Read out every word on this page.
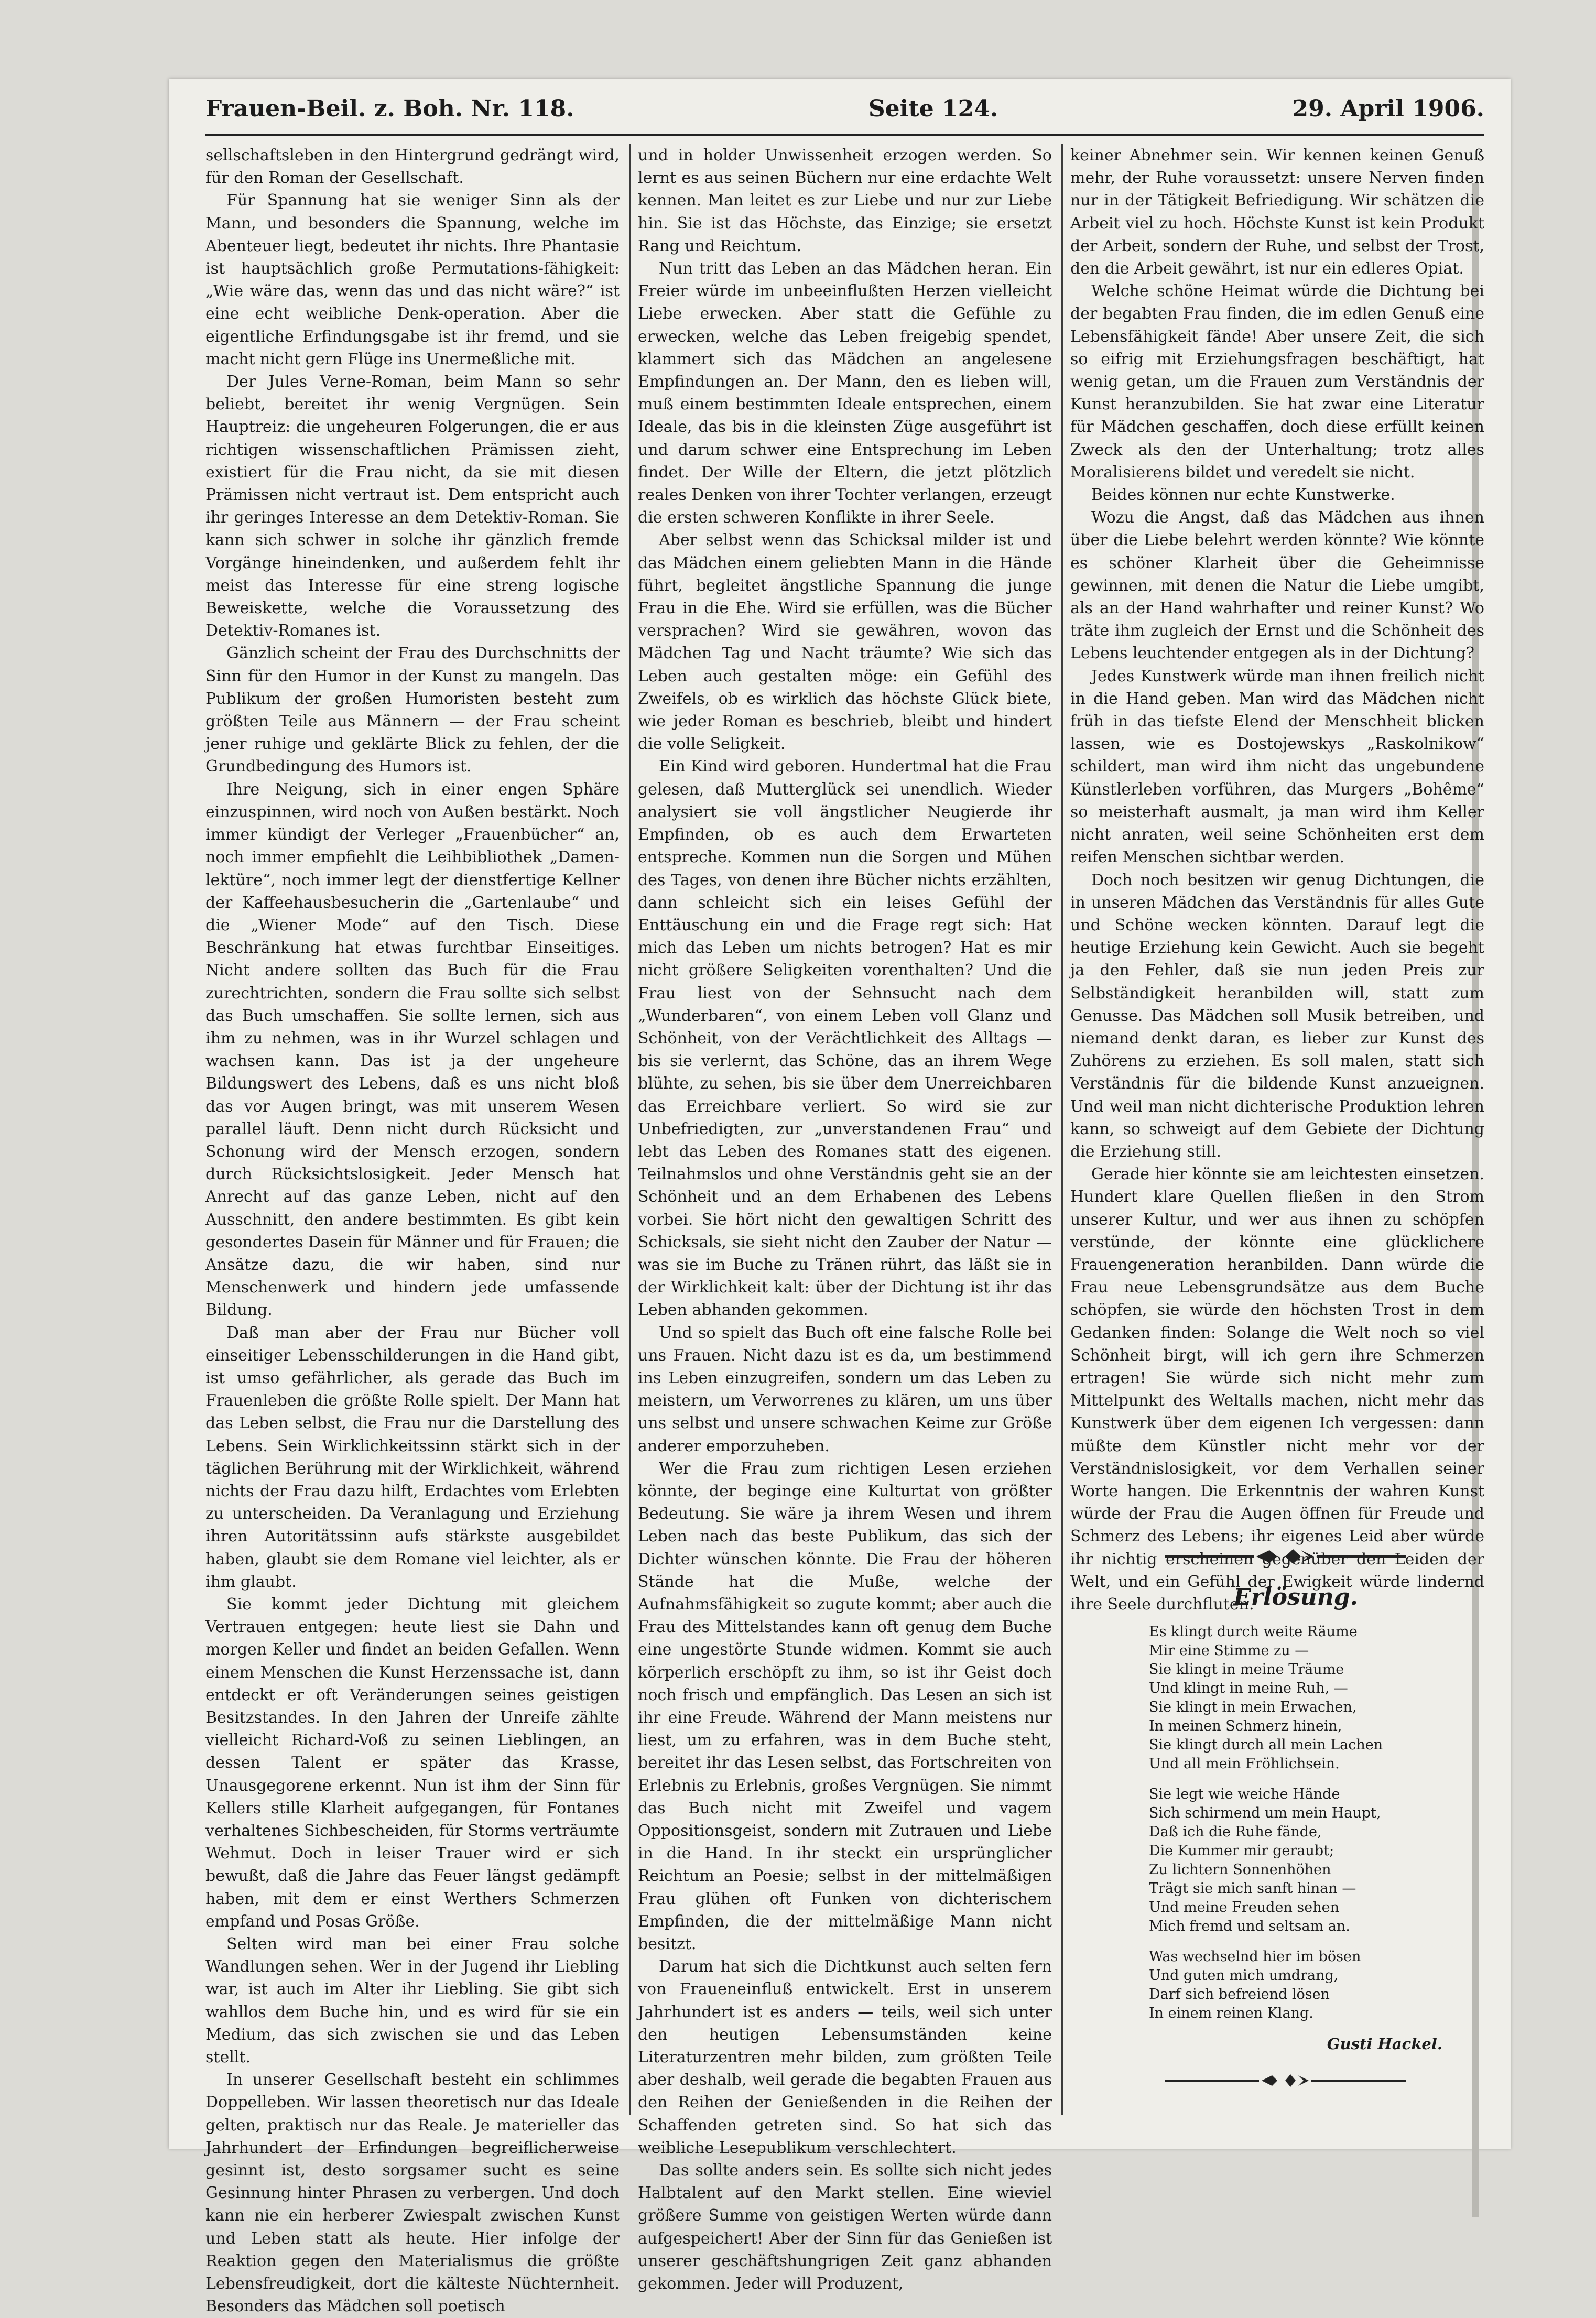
Frauen-Beil. z. Boh. Nr. 118.	Seite 124.	29. April 1906.

sellschaftsleben in den Hintergrund gedrängt wird, für den Roman der Gesellschaft.

Für Spannung hat sie weniger Sinn als der Mann, und besonders die Spannung, welche im Abenteuer liegt, bedeutet ihr nichts. Ihre Phantasie ist hauptsächlich große Permutations-fähigkeit: „Wie wäre das, wenn das und das nicht wäre?“ ist eine echt weibliche Denk-operation. Aber die eigentliche Erfindungsgabe ist ihr fremd, und sie macht nicht gern Flüge ins Unermeßliche mit.

Der Jules Verne-Roman, beim Mann so sehr beliebt, bereitet ihr wenig Vergnügen. Sein Hauptreiz: die ungeheuren Folgerungen, die er aus richtigen wissenschaftlichen Prämissen zieht, existiert für die Frau nicht, da sie mit diesen Prämissen nicht vertraut ist. Dem entspricht auch ihr geringes Interesse an dem Detektiv-Roman. Sie kann sich schwer in solche ihr gänzlich fremde Vorgänge hineindenken, und außerdem fehlt ihr meist das Interesse für eine streng logische Beweiskette, welche die Voraussetzung des Detektiv-Romanes ist.

Gänzlich scheint der Frau des Durchschnitts der Sinn für den Humor in der Kunst zu mangeln. Das Publikum der großen Humoristen besteht zum größten Teile aus Männern — der Frau scheint jener ruhige und geklärte Blick zu fehlen, der die Grundbedingung des Humors ist.

Ihre Neigung, sich in einer engen Sphäre einzuspinnen, wird noch von Außen bestärkt. Noch immer kündigt der Verleger „Frauenbücher“ an, noch immer empfiehlt die Leihbibliothek „Damen-lektüre“, noch immer legt der dienstfertige Kellner der Kaffeehausbesucherin die „Gartenlaube“ und die „Wiener Mode“ auf den Tisch. Diese Beschränkung hat etwas furchtbar Einseitiges. Nicht andere sollten das Buch für die Frau zurechtrichten, sondern die Frau sollte sich selbst das Buch umschaffen. Sie sollte lernen, sich aus ihm zu nehmen, was in ihr Wurzel schlagen und wachsen kann. Das ist ja der ungeheure Bildungswert des Lebens, daß es uns nicht bloß das vor Augen bringt, was mit unserem Wesen parallel läuft. Denn nicht durch Rücksicht und Schonung wird der Mensch erzogen, sondern durch Rücksichtslosigkeit. Jeder Mensch hat Anrecht auf das ganze Leben, nicht auf den Ausschnitt, den andere bestimmten. Es gibt kein gesondertes Dasein für Männer und für Frauen; die Ansätze dazu, die wir haben, sind nur Menschenwerk und hindern jede umfassende Bildung.

Daß man aber der Frau nur Bücher voll einseitiger Lebensschilderungen in die Hand gibt, ist umso gefährlicher, als gerade das Buch im Frauenleben die größte Rolle spielt. Der Mann hat das Leben selbst, die Frau nur die Darstellung des Lebens. Sein Wirklichkeitssinn stärkt sich in der täglichen Berührung mit der Wirklichkeit, während nichts der Frau dazu hilft, Erdachtes vom Erlebten zu unterscheiden. Da Veranlagung und Erziehung ihren Autoritätssinn aufs stärkste ausgebildet haben, glaubt sie dem Romane viel leichter, als er ihm glaubt.

Sie kommt jeder Dichtung mit gleichem Vertrauen entgegen: heute liest sie Dahn und morgen Keller und findet an beiden Gefallen. Wenn einem Menschen die Kunst Herzenssache ist, dann entdeckt er oft Veränderungen seines geistigen Besitzstandes. In den Jahren der Unreife zählte vielleicht Richard-Voß zu seinen Lieblingen, an dessen Talent er später das Krasse, Unausgegorene erkennt. Nun ist ihm der Sinn für Kellers stille Klarheit aufgegangen, für Fontanes verhaltenes Sichbescheiden, für Storms verträumte Wehmut. Doch in leiser Trauer wird er sich bewußt, daß die Jahre das Feuer längst gedämpft haben, mit dem er einst Werthers Schmerzen empfand und Posas Größe.

Selten wird man bei einer Frau solche Wandlungen sehen. Wer in der Jugend ihr Liebling war, ist auch im Alter ihr Liebling. Sie gibt sich wahllos dem Buche hin, und es wird für sie ein Medium, das sich zwischen sie und das Leben stellt.

In unserer Gesellschaft besteht ein schlimmes Doppelleben. Wir lassen theoretisch nur das Ideale gelten, praktisch nur das Reale. Je materieller das Jahrhundert der Erfindungen begreiflicherweise gesinnt ist, desto sorgsamer sucht es seine Gesinnung hinter Phrasen zu verbergen. Und doch kann nie ein herberer Zwiespalt zwischen Kunst und Leben statt als heute. Hier infolge der Reaktion gegen den Materialismus die größte Lebensfreudigkeit, dort die kälteste Nüchternheit. Besonders das Mädchen soll poetisch

und in holder Unwissenheit erzogen werden. So lernt es aus seinen Büchern nur eine erdachte Welt kennen. Man leitet es zur Liebe und nur zur Liebe hin. Sie ist das Höchste, das Einzige; sie ersetzt Rang und Reichtum.

Nun tritt das Leben an das Mädchen heran. Ein Freier würde im unbeeinflußten Herzen vielleicht Liebe erwecken. Aber statt die Gefühle zu erwecken, welche das Leben freigebig spendet, klammert sich das Mädchen an angelesene Empfindungen an. Der Mann, den es lieben will, muß einem bestimmten Ideale entsprechen, einem Ideale, das bis in die kleinsten Züge ausgeführt ist und darum schwer eine Entsprechung im Leben findet. Der Wille der Eltern, die jetzt plötzlich reales Denken von ihrer Tochter verlangen, erzeugt die ersten schweren Konflikte in ihrer Seele.

Aber selbst wenn das Schicksal milder ist und das Mädchen einem geliebten Mann in die Hände führt, begleitet ängstliche Spannung die junge Frau in die Ehe. Wird sie erfüllen, was die Bücher versprachen? Wird sie gewähren, wovon das Mädchen Tag und Nacht träumte? Wie sich das Leben auch gestalten möge: ein Gefühl des Zweifels, ob es wirklich das höchste Glück biete, wie jeder Roman es beschrieb, bleibt und hindert die volle Seligkeit.

Ein Kind wird geboren. Hundertmal hat die Frau gelesen, daß Mutterglück sei unendlich. Wieder analysiert sie voll ängstlicher Neugierde ihr Empfinden, ob es auch dem Erwarteten entspreche. Kommen nun die Sorgen und Mühen des Tages, von denen ihre Bücher nichts erzählten, dann schleicht sich ein leises Gefühl der Enttäuschung ein und die Frage regt sich: Hat mich das Leben um nichts betrogen? Hat es mir nicht größere Seligkeiten vorenthalten? Und die Frau liest von der Sehnsucht nach dem „Wunderbaren“, von einem Leben voll Glanz und Schönheit, von der Verächtlichkeit des Alltags — bis sie verlernt, das Schöne, das an ihrem Wege blühte, zu sehen, bis sie über dem Unerreichbaren das Erreichbare verliert. So wird sie zur Unbefriedigten, zur „unverstandenen Frau“ und lebt das Leben des Romanes statt des eigenen. Teilnahmslos und ohne Verständnis geht sie an der Schönheit und an dem Erhabenen des Lebens vorbei. Sie hört nicht den gewaltigen Schritt des Schicksals, sie sieht nicht den Zauber der Natur — was sie im Buche zu Tränen rührt, das läßt sie in der Wirklichkeit kalt: über der Dichtung ist ihr das Leben abhanden gekommen.

Und so spielt das Buch oft eine falsche Rolle bei uns Frauen. Nicht dazu ist es da, um bestimmend ins Leben einzugreifen, sondern um das Leben zu meistern, um Verworrenes zu klären, um uns über uns selbst und unsere schwachen Keime zur Größe anderer emporzuheben.

Wer die Frau zum richtigen Lesen erziehen könnte, der beginge eine Kulturtat von größter Bedeutung. Sie wäre ja ihrem Wesen und ihrem Leben nach das beste Publikum, das sich der Dichter wünschen könnte. Die Frau der höheren Stände hat die Muße, welche der Aufnahmsfähigkeit so zugute kommt; aber auch die Frau des Mittelstandes kann oft genug dem Buche eine ungestörte Stunde widmen. Kommt sie auch körperlich erschöpft zu ihm, so ist ihr Geist doch noch frisch und empfänglich. Das Lesen an sich ist ihr eine Freude. Während der Mann meistens nur liest, um zu erfahren, was in dem Buche steht, bereitet ihr das Lesen selbst, das Fortschreiten von Erlebnis zu Erlebnis, großes Vergnügen. Sie nimmt das Buch nicht mit Zweifel und vagem Oppositionsgeist, sondern mit Zutrauen und Liebe in die Hand. In ihr steckt ein ursprünglicher Reichtum an Poesie; selbst in der mittelmäßigen Frau glühen oft Funken von dichterischem Empfinden, die der mittelmäßige Mann nicht besitzt.

Darum hat sich die Dichtkunst auch selten fern von Fraueneinfluß entwickelt. Erst in unserem Jahrhundert ist es anders — teils, weil sich unter den heutigen Lebensumständen keine Literaturzentren mehr bilden, zum größten Teile aber deshalb, weil gerade die begabten Frauen aus den Reihen der Genießenden in die Reihen der Schaffenden getreten sind. So hat sich das weibliche Lesepublikum verschlechtert.

Das sollte anders sein. Es sollte sich nicht jedes Halbtalent auf den Markt stellen. Eine wieviel größere Summe von geistigen Werten würde dann aufgespeichert! Aber der Sinn für das Genießen ist unserer geschäftshungrigen Zeit ganz abhanden gekommen. Jeder will Produzent,

keiner Abnehmer sein. Wir kennen keinen Genuß mehr, der Ruhe voraussetzt: unsere Nerven finden nur in der Tätigkeit Befriedigung. Wir schätzen die Arbeit viel zu hoch. Höchste Kunst ist kein Produkt der Arbeit, sondern der Ruhe, und selbst der Trost, den die Arbeit gewährt, ist nur ein edleres Opiat.

Welche schöne Heimat würde die Dichtung bei der begabten Frau finden, die im edlen Genuß eine Lebensfähigkeit fände! Aber unsere Zeit, die sich so eifrig mit Erziehungsfragen beschäftigt, hat wenig getan, um die Frauen zum Verständnis der Kunst heranzubilden. Sie hat zwar eine Literatur für Mädchen geschaffen, doch diese erfüllt keinen Zweck als den der Unterhaltung; trotz alles Moralisierens bildet und veredelt sie nicht.

Beides können nur echte Kunstwerke.

Wozu die Angst, daß das Mädchen aus ihnen über die Liebe belehrt werden könnte? Wie könnte es schöner Klarheit über die Geheimnisse gewinnen, mit denen die Natur die Liebe umgibt, als an der Hand wahrhafter und reiner Kunst? Wo träte ihm zugleich der Ernst und die Schönheit des Lebens leuchtender entgegen als in der Dichtung?

Jedes Kunstwerk würde man ihnen freilich nicht in die Hand geben. Man wird das Mädchen nicht früh in das tiefste Elend der Menschheit blicken lassen, wie es Dostojewskys „Raskolnikow“ schildert, man wird ihm nicht das ungebundene Künstlerleben vorführen, das Murgers „Bohême“ so meisterhaft ausmalt, ja man wird ihm Keller nicht anraten, weil seine Schönheiten erst dem reifen Menschen sichtbar werden.

Doch noch besitzen wir genug Dichtungen, die in unseren Mädchen das Verständnis für alles Gute und Schöne wecken könnten. Darauf legt die heutige Erziehung kein Gewicht. Auch sie begeht ja den Fehler, daß sie nun jeden Preis zur Selbständigkeit heranbilden will, statt zum Genusse. Das Mädchen soll Musik betreiben, und niemand denkt daran, es lieber zur Kunst des Zuhörens zu erziehen. Es soll malen, statt sich Verständnis für die bildende Kunst anzueignen. Und weil man nicht dichterische Produktion lehren kann, so schweigt auf dem Gebiete der Dichtung die Erziehung still.

Gerade hier könnte sie am leichtesten einsetzen. Hundert klare Quellen fließen in den Strom unserer Kultur, und wer aus ihnen zu schöpfen verstünde, der könnte eine glücklichere Frauengeneration heranbilden. Dann würde die Frau neue Lebensgrundsätze aus dem Buche schöpfen, sie würde den höchsten Trost in dem Gedanken finden: Solange die Welt noch so viel Schönheit birgt, will ich gern ihre Schmerzen ertragen! Sie würde sich nicht mehr zum Mittelpunkt des Weltalls machen, nicht mehr das Kunstwerk über dem eigenen Ich vergessen: dann müßte dem Künstler nicht mehr vor der Verständnislosigkeit, vor dem Verhallen seiner Worte hangen. Die Erkenntnis der wahren Kunst würde der Frau die Augen öffnen für Freude und Schmerz des Lebens; ihr eigenes Leid aber würde ihr nichtig erscheinen gegenüber den Leiden der Welt, und ein Gefühl der Ewigkeit würde lindernd ihre Seele durchfluten.

Erlösung.
Es klingt durch weite Räume
Mir eine Stimme zu —
Sie klingt in meine Träume
Und klingt in meine Ruh, —
Sie klingt in mein Erwachen,
In meinen Schmerz hinein,
Sie klingt durch all mein Lachen
Und all mein Fröhlichsein.
Sie legt wie weiche Hände
Sich schirmend um mein Haupt,
Daß ich die Ruhe fände,
Die Kummer mir geraubt;
Zu lichtern Sonnenhöhen
Trägt sie mich sanft hinan —
Und meine Freuden sehen
Mich fremd und seltsam an.
Was wechselnd hier im bösen
Und guten mich umdrang,
Darf sich befreiend lösen
In einem reinen Klang.
Gusti Hackel.
